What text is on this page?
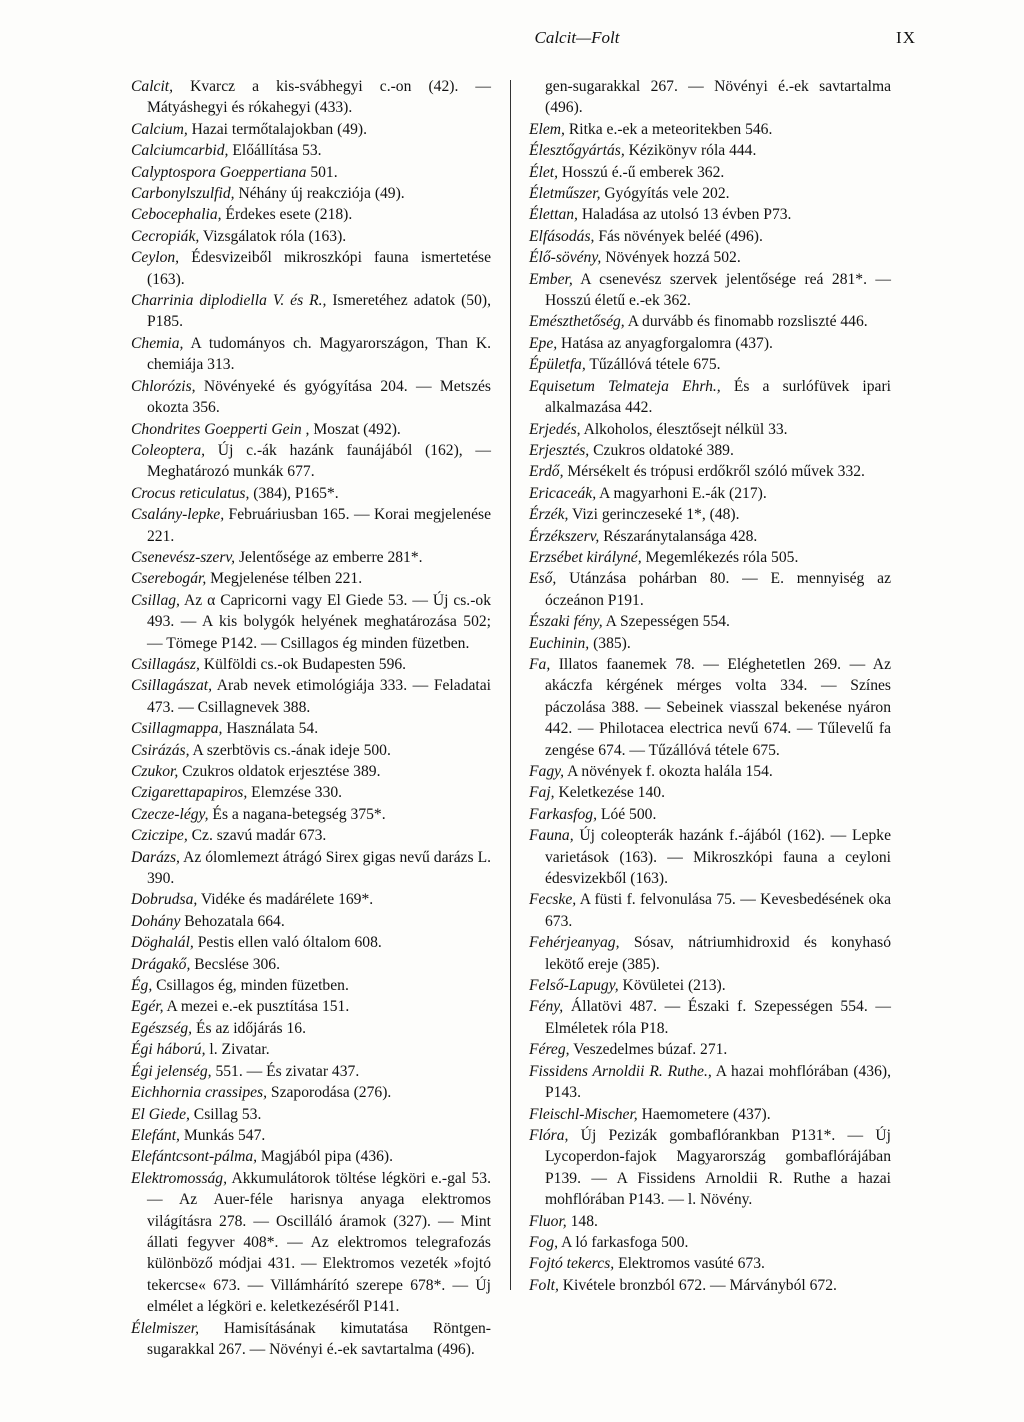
Calcit—Folt	IX

Calcit, Kvarcz a kis-svábhegyi c.-on (42). — Mátyáshegyi és rókahegyi (433).

Calcium, Hazai termőtalajokban (49).

Calciumcarbid, Előállítása 53.

Calyptospora Goeppertiana 501.

Carbonylszulfid, Néhány új reakcziója (49).

Cebocephalia, Érdekes esete (218).

Cecropiák, Vizsgálatok róla (163).

Ceylon, Édesvizeiből mikroszkópi fauna ismertetése (163).

Charrinia diplodiella V. és R., Ismeretéhez adatok (50), P185.

Chemia, A tudományos ch. Magyarországon, Than K. chemiája 313.

Chlorózis, Növényeké és gyógyítása 204. — Metszés okozta 356.

Chondrites Goepperti Gein , Moszat (492).

Coleoptera, Új c.-ák hazánk faunájából (162), — Meghatározó munkák 677.

Crocus reticulatus, (384), P165*.

Csalány-lepke, Februáriusban 165. — Korai megjelenése 221.

Csenevész-szerv, Jelentősége az emberre 281*.

Cserebogár, Megjelenése télben 221.

Csillag, Az α Capricorni vagy El Giede 53. — Új cs.-ok 493. — A kis bolygók helyének meghatározása 502; — Tömege P142. — Csillagos ég minden füzetben.

Csillagász, Külföldi cs.-ok Budapesten 596.

Csillagászat, Arab nevek etimológiája 333. — Feladatai 473. — Csillagnevek 388.

Csillagmappa, Használata 54.

Csirázás, A szerbtövis cs.-ának ideje 500.

Czukor, Czukros oldatok erjesztése 389.

Czigarettapapiros, Elemzése 330.

Czecze-légy, És a nagana-betegség 375*.

Cziczipe, Cz. szavú madár 673.

Darázs, Az ólomlemezt átrágó Sirex gigas nevű darázs L. 390.

Dobrudsa, Vidéke és madárélete 169*.

Dohány Behozatala 664.

Döghalál, Pestis ellen való óltalom 608.

Drágakő, Becslése 306.

Ég, Csillagos ég, minden füzetben.

Egér, A mezei e.-ek pusztítása 151.

Egészség, És az időjárás 16.

Égi háború, l. Zivatar.

Égi jelenség, 551. — És zivatar 437.

Eichhornia crassipes, Szaporodása (276).

El Giede, Csillag 53.

Elefánt, Munkás 547.

Elefántcsont-pálma, Magjából pipa (436).

Elektromosság, Akkumulátorok töltése légköri e.-gal 53. — Az Auer-féle harisnya anyaga elektromos világításra 278. — Oscilláló áramok (327). — Mint állati fegyver 408*. — Az elektromos telegrafozás különböző módjai 431. — Elektromos vezeték »fojtó tekercse« 673. — Villámhárító szerepe 678*. — Új elmélet a légköri e. keletkezéséről P141.

Élelmiszer, Hamisításának kimutatása Röntgen-sugarakkal 267. — Növényi é.-ek savtartalma (496).

gen-sugarakkal 267. — Növényi é.-ek savtartalma (496).

Elem, Ritka e.-ek a meteoritekben 546.

Élesztőgyártás, Kézikönyv róla 444.

Élet, Hosszú é.-ű emberek 362.

Életműszer, Gyógyítás vele 202.

Élettan, Haladása az utolsó 13 évben P73.

Elfásodás, Fás növények beléé (496).

Élő-sövény, Növények hozzá 502.

Ember, A csenevész szervek jelentősége reá 281*. — Hosszú életű e.-ek 362.

Emészthetőség, A durvább és finomabb rozsliszté 446.

Epe, Hatása az anyagforgalomra (437).

Épületfa, Tűzállóvá tétele 675.

Equisetum Telmateja Ehrh., És a surlófüvek ipari alkalmazása 442.

Erjedés, Alkoholos, élesztősejt nélkül 33.

Erjesztés, Czukros oldatoké 389.

Erdő, Mérsékelt és trópusi erdőkről szóló művek 332.

Ericaceák, A magyarhoni E.-ák (217).

Érzék, Vizi gerinczeseké 1*, (48).

Érzékszerv, Részaránytalansága 428.

Erzsébet királyné, Megemlékezés róla 505.

Eső, Utánzása pohárban 80. — E. mennyiség az óczeánon P191.

Északi fény, A Szepességen 554.

Euchinin, (385).

Fa, Illatos faanemek 78. — Eléghetetlen 269. — Az akáczfa kérgének mérges volta 334. — Színes páczolása 388. — Sebeinek viasszal bekenése nyáron 442. — Philotacea electrica nevű 674. — Tűlevelű fa zengése 674. — Tűzállóvá tétele 675.

Fagy, A növények f. okozta halála 154.

Faj, Keletkezése 140.

Farkasfog, Lóé 500.

Fauna, Új coleopterák hazánk f.-ájából (162). — Lepke varietások (163). — Mikroszkópi fauna a ceyloni édesvizekből (163).

Fecske, A füsti f. felvonulása 75. — Kevesbedésének oka 673.

Fehérjeanyag, Sósav, nátriumhidroxid és konyhasó lekötő ereje (385).

Felső-Lapugy, Kövületei (213).

Fény, Állatövi 487. — Északi f. Szepességen 554. — Elméletek róla P18.

Féreg, Veszedelmes búzaf. 271.

Fissidens Arnoldii R. Ruthe., A hazai mohflórában (436), P143.

Fleischl-Mischer, Haemometere (437).

Flóra, Új Pezizák gombaflórankban P131*. — Új Lycoperdon-fajok Magyarország gombaflórájában P139. — A Fissidens Arnoldii R. Ruthe a hazai mohflórában P143. — l. Növény.

Fluor, 148.

Fog, A ló farkasfoga 500.

Fojtó tekercs, Elektromos vasúté 673.

Folt, Kivétele bronzból 672. — Márványból 672.
